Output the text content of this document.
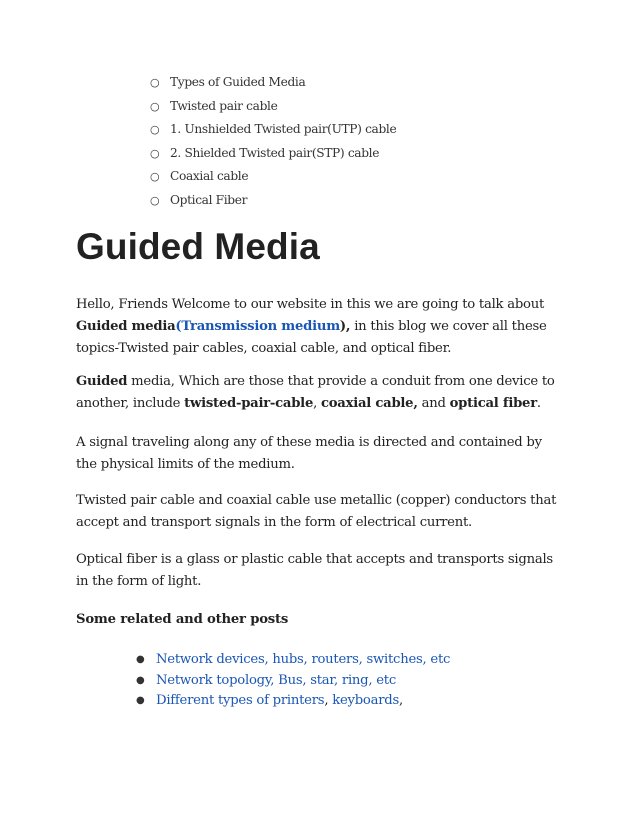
○ Types of Guided Media
○ Twisted pair cable
○ 1. Unshielded Twisted pair(UTP) cable
○ 2. Shielded Twisted pair(STP) cable
○ Coaxial cable
○ Optical Fiber
Guided Media

Hello, Friends Welcome to our website in this we are going to talk about Guided media(Transmission medium), in this blog we cover all these topics-Twisted pair cables, coaxial cable, and optical fiber.

Guided media, Which are those that provide a conduit from one device to another, include twisted-pair-cable, coaxial cable, and optical fiber.

A signal traveling along any of these media is directed and contained by the physical limits of the medium.

Twisted pair cable and coaxial cable use metallic (copper) conductors that accept and transport signals in the form of electrical current.

Optical fiber is a glass or plastic cable that accepts and transports signals in the form of light.

Some related and other posts

● Network devices, hubs, routers, switches, etc
● Network topology, Bus, star, ring, etc
● Different types of printers, keyboards,
